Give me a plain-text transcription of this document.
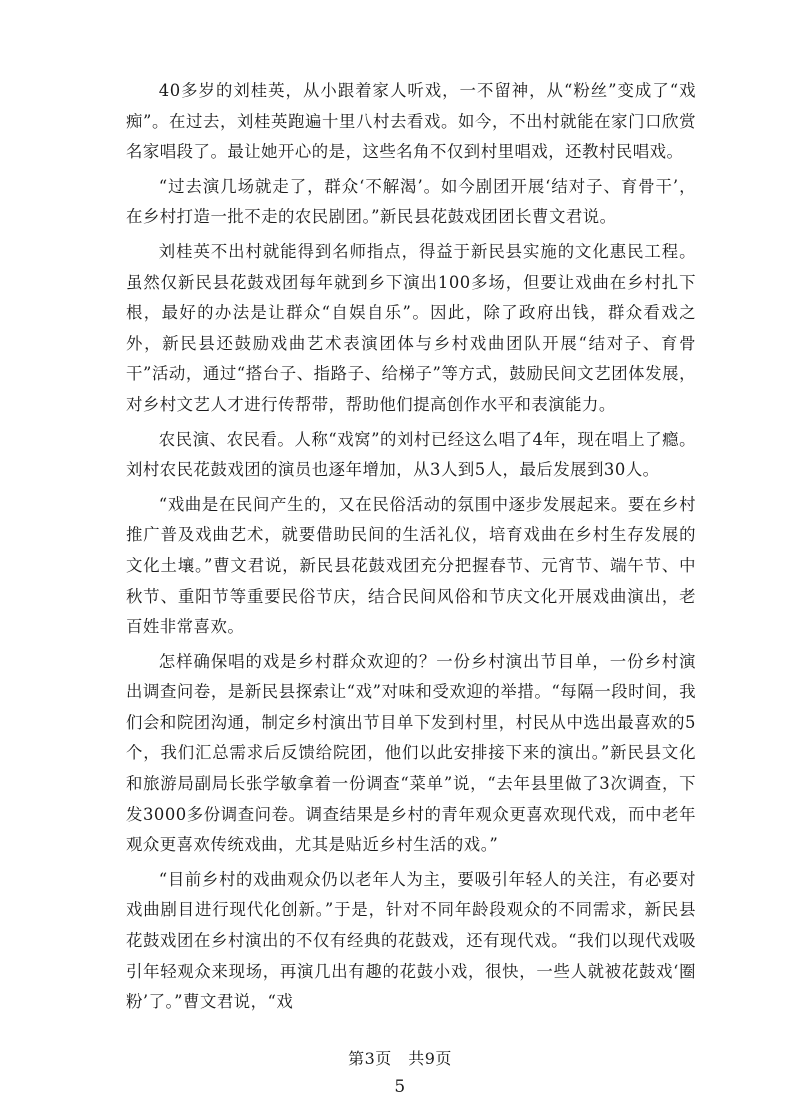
40多岁的刘桂英，从小跟着家人听戏，一不留神，从“粉丝”变成了“戏痴”。在过去，刘桂英跑遍十里八村去看戏。如今，不出村就能在家门口欣赏名家唱段了。最让她开心的是，这些名角不仅到村里唱戏，还教村民唱戏。

“过去演几场就走了，群众‘不解渴’。如今剧团开展‘结对子、育骨干’，在乡村打造一批不走的农民剧团。”新民县花鼓戏团团长曹文君说。

刘桂英不出村就能得到名师指点，得益于新民县实施的文化惠民工程。虽然仅新民县花鼓戏团每年就到乡下演出100多场，但要让戏曲在乡村扎下根，最好的办法是让群众“自娱自乐”。因此，除了政府出钱，群众看戏之外，新民县还鼓励戏曲艺术表演团体与乡村戏曲团队开展“结对子、育骨干”活动，通过“搭台子、指路子、给梯子”等方式，鼓励民间文艺团体发展，对乡村文艺人才进行传帮带，帮助他们提高创作水平和表演能力。

农民演、农民看。人称“戏窝”的刘村已经这么唱了4年，现在唱上了瘾。刘村农民花鼓戏团的演员也逐年增加，从3人到5人，最后发展到30人。

“戏曲是在民间产生的，又在民俗活动的氛围中逐步发展起来。要在乡村推广普及戏曲艺术，就要借助民间的生活礼仪，培育戏曲在乡村生存发展的文化土壤。”曹文君说，新民县花鼓戏团充分把握春节、元宵节、端午节、中秋节、重阳节等重要民俗节庆，结合民间风俗和节庆文化开展戏曲演出，老百姓非常喜欢。

怎样确保唱的戏是乡村群众欢迎的？一份乡村演出节目单，一份乡村演出调查问卷，是新民县探索让“戏”对味和受欢迎的举措。“每隔一段时间，我们会和院团沟通，制定乡村演出节目单下发到村里，村民从中选出最喜欢的5个，我们汇总需求后反馈给院团，他们以此安排接下来的演出。”新民县文化和旅游局副局长张学敏拿着一份调查“菜单”说，“去年县里做了3次调查，下发3000多份调查问卷。调查结果是乡村的青年观众更喜欢现代戏，而中老年观众更喜欢传统戏曲，尤其是贴近乡村生活的戏。”

“目前乡村的戏曲观众仍以老年人为主，要吸引年轻人的关注，有必要对戏曲剧目进行现代化创新。”于是，针对不同年龄段观众的不同需求，新民县花鼓戏团在乡村演出的不仅有经典的花鼓戏，还有现代戏。“我们以现代戏吸引年轻观众来现场，再演几出有趣的花鼓小戏，很快，一些人就被花鼓戏‘圈粉’了。”曹文君说，“戏

第3页　共9页
5
